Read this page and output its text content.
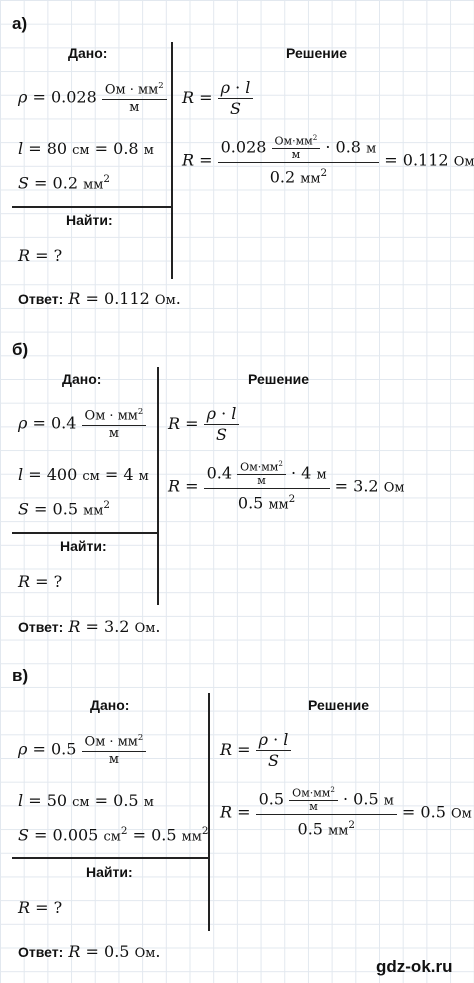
а)
Дано:	Решение
$\rho = 0.028 \frac{Ом \cdot мм^2}{м}$
l = 80 см = 0.8 м
S = 0.2 $мм^2$
Найти:
R = ?
$R = \frac{\rho \cdot l}{S}$
$R = \frac{0.028 \frac{Ом\cdot мм^2}{м} \cdot 0.8 м}{0.2 мм^2} = 0.112$ Ом
Ответ: R = 0.112 Ом.
б)
Дано:	Решение
$\rho = 0.4 \frac{Ом \cdot мм^2}{м}$
l = 400 см = 4 м
S = 0.5 $мм^2$
Найти:
R = ?
$R = \frac{\rho \cdot l}{S}$
$R = \frac{0.4 \frac{Ом\cdot мм^2}{м} \cdot 4 м}{0.5 мм^2} = 3.2$ Ом
Ответ: R = 3.2 Ом.
в)
Дано:	Решение
$\rho = 0.5 \frac{Ом \cdot мм^2}{м}$
l = 50 см = 0.5 м
S = 0.005 $см^2 = 0.5$ $мм^2$
Найти:
R = ?
$R = \frac{\rho \cdot l}{S}$
$R = \frac{0.5 \frac{Ом\cdot мм^2}{м} \cdot 0.5 м}{0.5 мм^2} = 0.5$ Ом
Ответ: R = 0.5 Ом.
gdz-ok.ru
